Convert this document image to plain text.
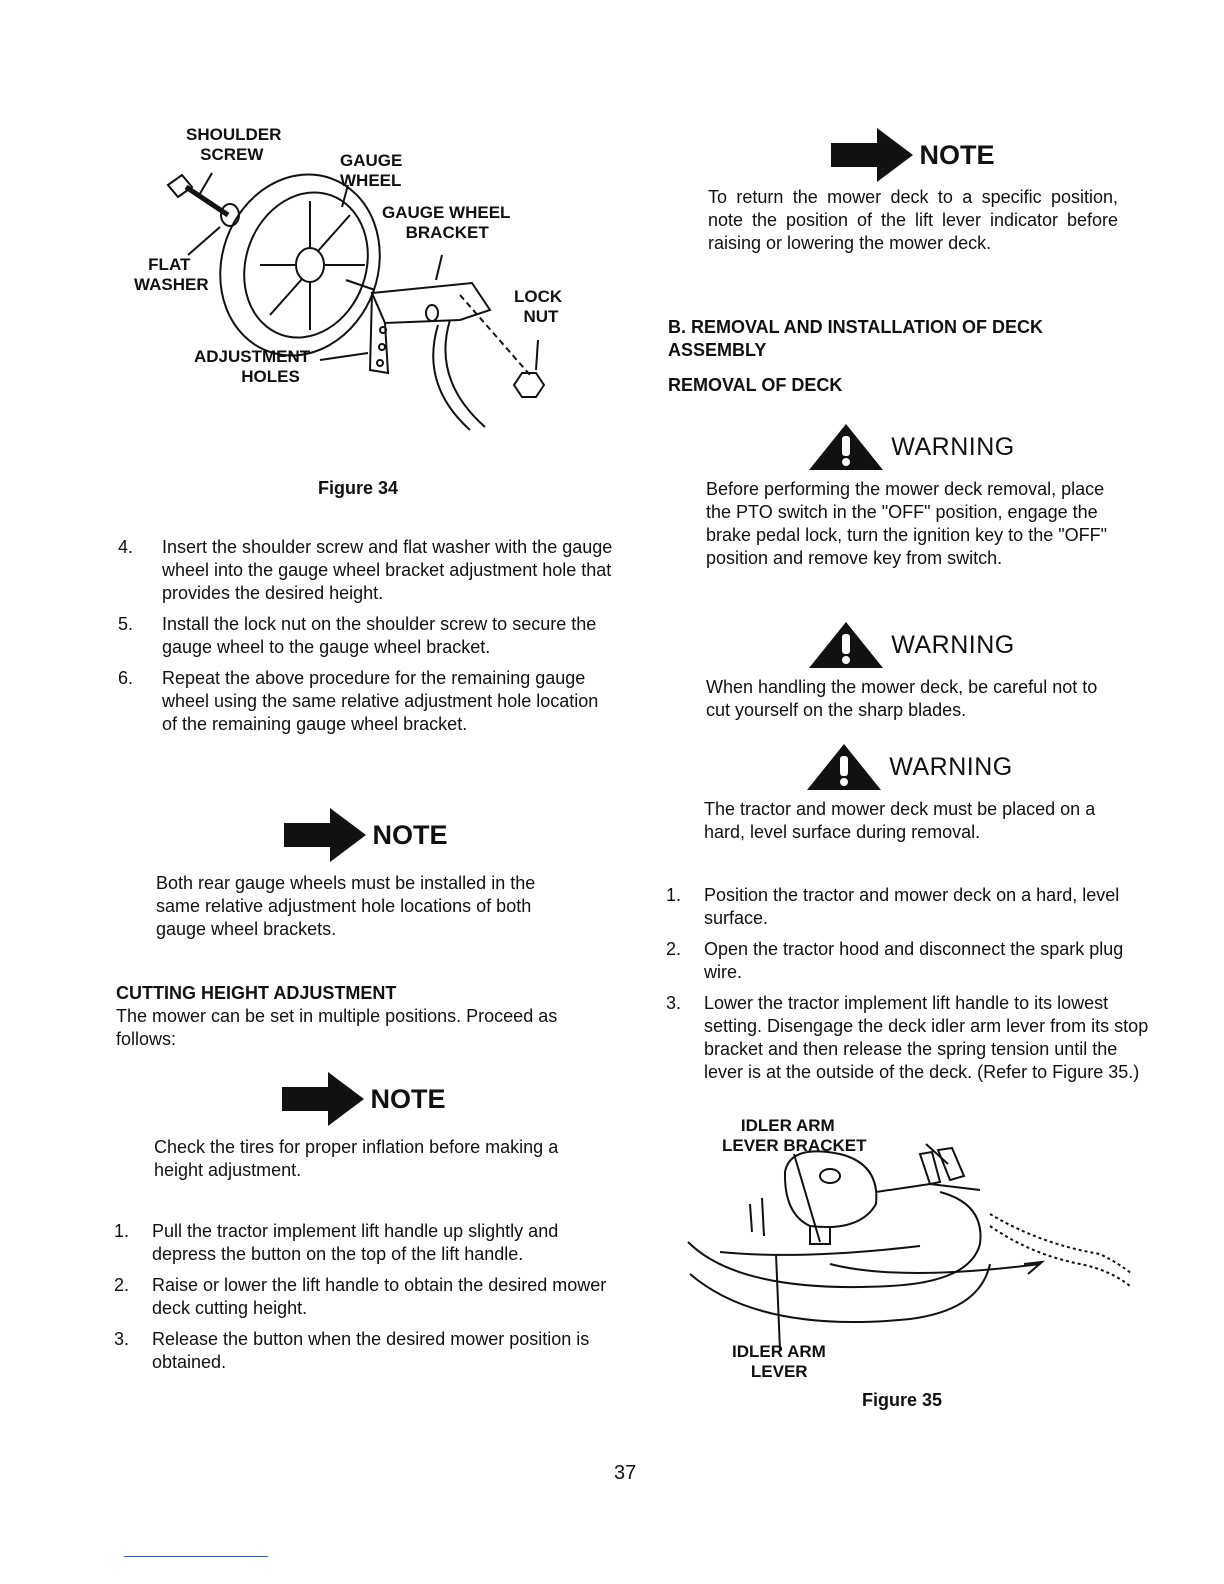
SHOULDER
SCREW	GAUGE
WHEEL
GAUGE WHEEL
BRACKET
FLAT
WASHER
LOCK
NUT
ADJUSTMENT
HOLES
Figure 34
4. Insert the shoulder screw and flat washer with the gauge wheel into the gauge wheel bracket adjustment hole that provides the desired height.
5. Install the lock nut on the shoulder screw to secure the gauge wheel to the gauge wheel bracket.
6. Repeat the above procedure for the remaining gauge wheel using the same relative adjustment hole location of the remaining gauge wheel bracket.
NOTE
Both rear gauge wheels must be installed in the same relative adjustment hole locations of both gauge wheel brackets.
CUTTING HEIGHT ADJUSTMENT
The mower can be set in multiple positions. Proceed as follows:
NOTE
Check the tires for proper inflation before making a height adjustment.
1. Pull the tractor implement lift handle up slightly and depress the button on the top of the lift handle.
2. Raise or lower the lift handle to obtain the desired mower deck cutting height.
3. Release the button when the desired mower position is obtained.
NOTE
To return the mower deck to a specific position, note the position of the lift lever indicator before raising or lowering the mower deck.
B. REMOVAL AND INSTALLATION OF DECK ASSEMBLY
REMOVAL OF DECK
WARNING
Before performing the mower deck removal, place the PTO switch in the "OFF" position, engage the brake pedal lock, turn the ignition key to the "OFF" position and remove key from switch.
WARNING
When handling the mower deck, be careful not to cut yourself on the sharp blades.
WARNING
The tractor and mower deck must be placed on a hard, level surface during removal.
1. Position the tractor and mower deck on a hard, level surface.
2. Open the tractor hood and disconnect the spark plug wire.
3. Lower the tractor implement lift handle to its lowest setting. Disengage the deck idler arm lever from its stop bracket and then release the spring tension until the lever is at the outside of the deck. (Refer to Figure 35.)
IDLER ARM
LEVER BRACKET
IDLER ARM
LEVER
Figure 35
37
